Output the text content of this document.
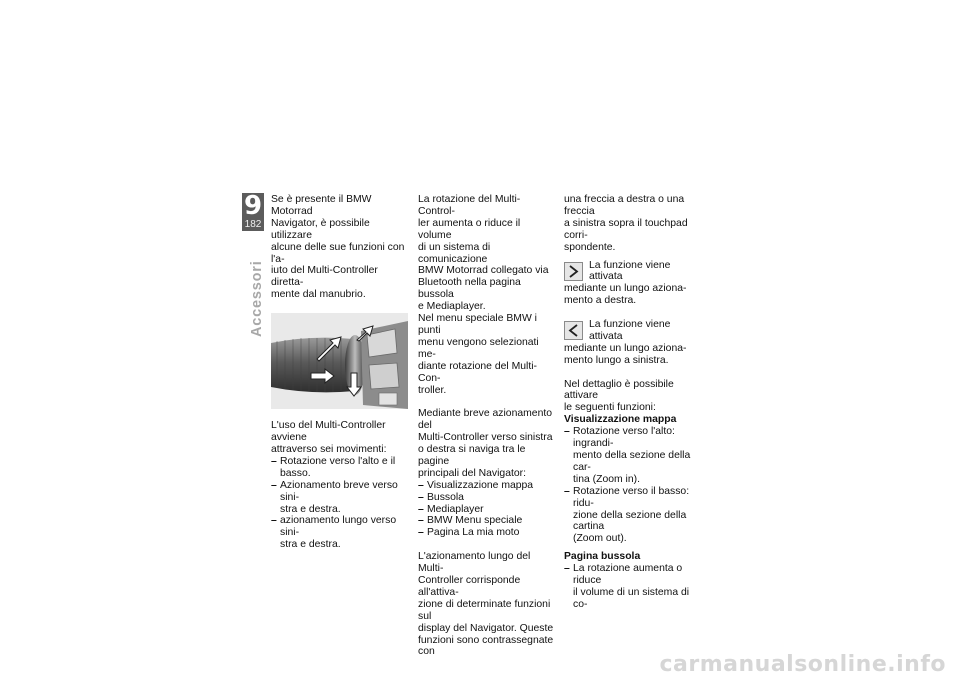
9
182
Accessori

Se è presente il BMW Motorrad
Navigator, è possibile utilizzare
alcune delle sue funzioni con l'a-
iuto del Multi-Controller diretta-
mente dal manubrio.

L'uso del Multi-Controller avviene
attraverso sei movimenti:

– Rotazione verso l'alto e il
basso.
– Azionamento breve verso sini-
stra e destra.
– azionamento lungo verso sini-
stra e destra.

La rotazione del Multi-Control-
ler aumenta o riduce il volume
di un sistema di comunicazione
BMW Motorrad collegato via
Bluetooth nella pagina bussola
e Mediaplayer.

Nel menu speciale BMW i punti
menu vengono selezionati me-
diante rotazione del Multi-Con-
troller.

Mediante breve azionamento del
Multi-Controller verso sinistra
o destra si naviga tra le pagine
principali del Navigator:

– Visualizzazione mappa
– Bussola
– Mediaplayer
– BMW Menu speciale
– Pagina La mia moto

L'azionamento lungo del Multi-
Controller corrisponde all'attiva-
zione di determinate funzioni sul
display del Navigator. Queste
funzioni sono contrassegnate con

una freccia a destra o una freccia
a sinistra sopra il touchpad corri-
spondente.

La funzione viene attivata
mediante un lungo aziona-

mento a destra.
La funzione viene attivata
mediante un lungo aziona-

mento lungo a sinistra.

Nel dettaglio è possibile attivare
le seguenti funzioni:

Visualizzazione mappa

– Rotazione verso l'alto: ingrandi-
mento della sezione della car-
tina (Zoom in).
– Rotazione verso il basso: ridu-
zione della sezione della cartina
(Zoom out).

Pagina bussola

– La rotazione aumenta o riduce
il volume di un sistema di co-
carmanualsonline.info
